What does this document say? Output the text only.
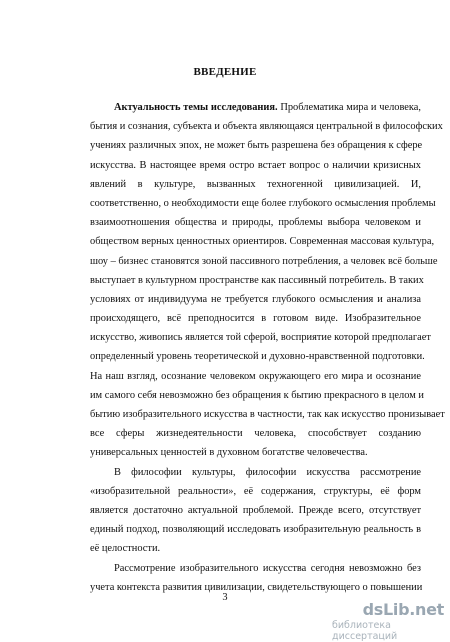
ВВЕДЕНИЕ
Актуальность темы исследования. Проблематика мира и человека,
бытия и сознания, субъекта и объекта являющаяся центральной в философских
учениях различных эпох, не может быть разрешена без обращения к сфере
искусства. В настоящее время остро встает вопрос о наличии кризисных
явлений в культуре, вызванных техногенной цивилизацией. И,
соответственно, о необходимости еще более глубокого осмысления проблемы
взаимоотношения общества и природы, проблемы выбора человеком и
обществом верных ценностных ориентиров. Современная массовая культура,
шоу – бизнес становятся зоной пассивного потребления, а человек всё больше
выступает в культурном пространстве как пассивный потребитель. В таких
условиях от индивидуума не требуется глубокого осмысления и анализа
происходящего, всё преподносится в готовом виде. Изобразительное
искусство, живопись является той сферой, восприятие которой предполагает
определенный уровень теоретической и духовно-нравственной подготовки.
На наш взгляд, осознание человеком окружающего его мира и осознание
им самого себя невозможно без обращения к бытию прекрасного в целом и
бытию изобразительного искусства в частности, так как искусство пронизывает
все сферы жизнедеятельности человека, способствует созданию
универсальных ценностей в духовном богатстве человечества.
В философии культуры, философии искусства рассмотрение
«изобразительной реальности», её содержания, структуры, её форм
является достаточно актуальной проблемой. Прежде всего, отсутствует
единый подход, позволяющий исследовать изобразительную реальность в
её целостности.
Рассмотрение изобразительного искусства сегодня невозможно без
учета контекста развития цивилизации, свидетельствующего о повышении
3
dsLib.net
библиотека диссертаций
